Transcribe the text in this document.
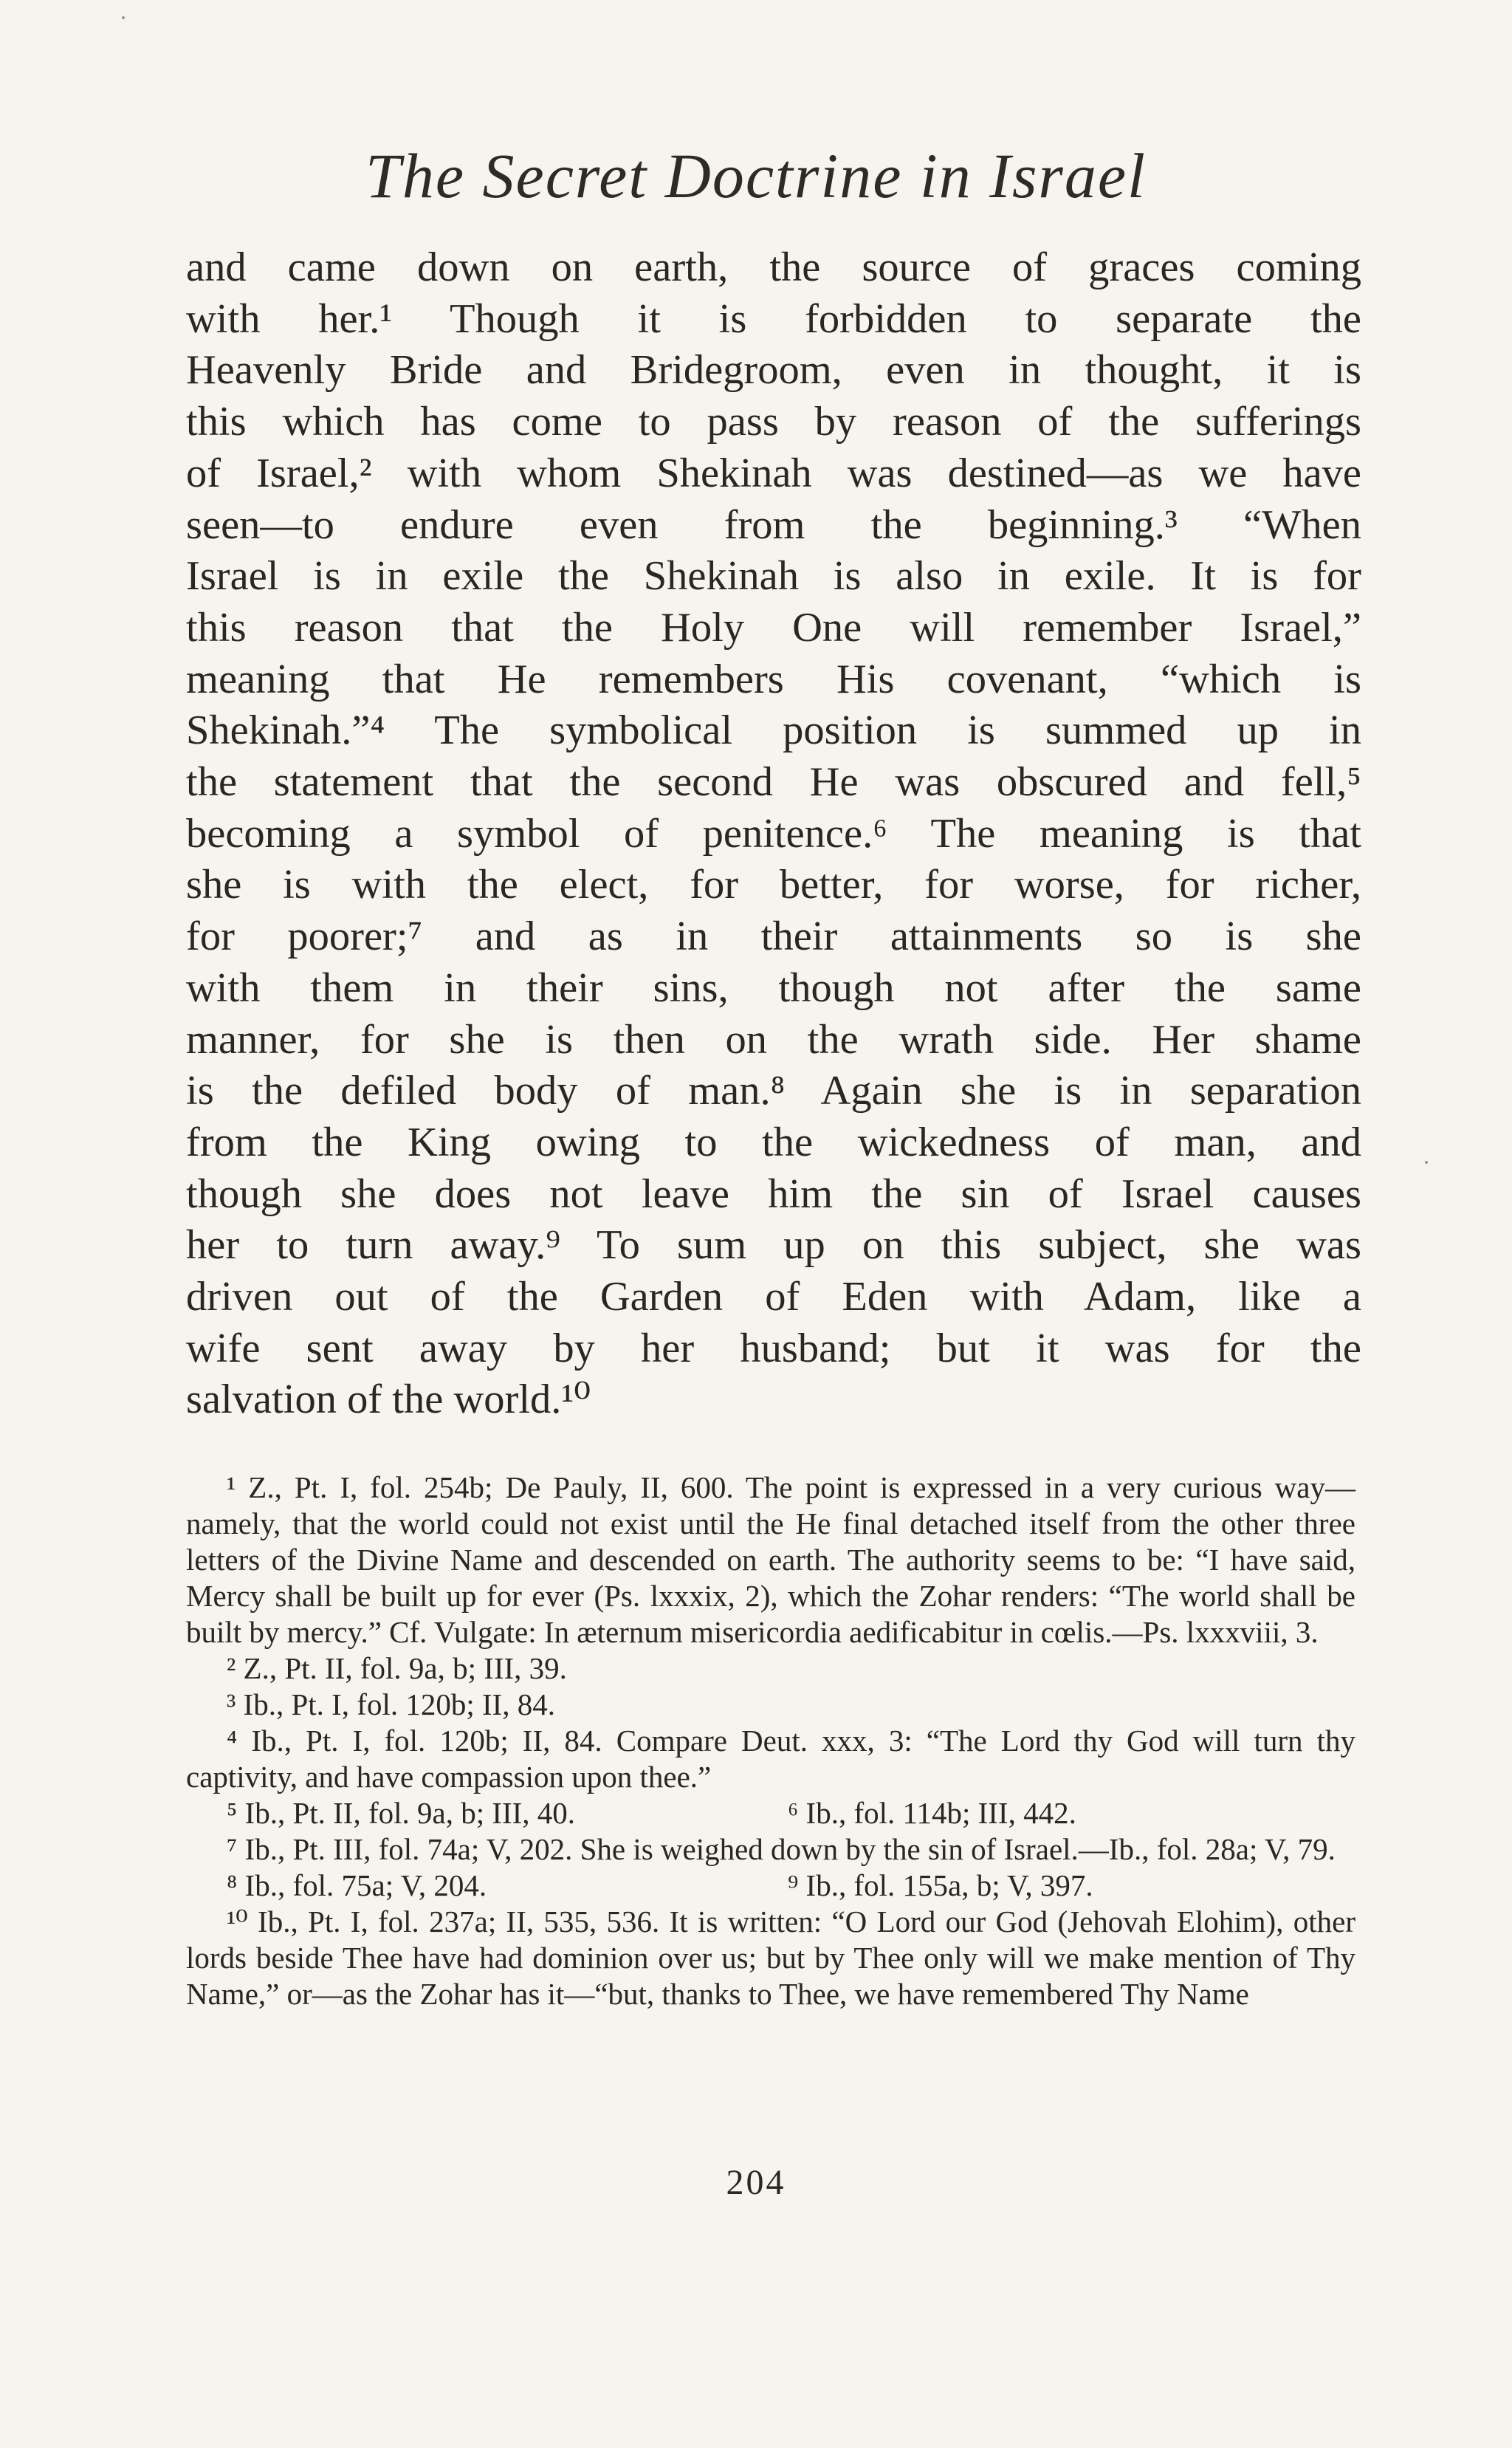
The Secret Doctrine in Israel
and came down on earth, the source of graces coming
with her.¹ Though it is forbidden to separate the
Heavenly Bride and Bridegroom, even in thought, it is
this which has come to pass by reason of the sufferings
of Israel,² with whom Shekinah was destined—as we have
seen—to endure even from the beginning.³ “When
Israel is in exile the Shekinah is also in exile. It is for
this reason that the Holy One will remember Israel,”
meaning that He remembers His covenant, “which is
Shekinah.”⁴ The symbolical position is summed up in
the statement that the second He was obscured and fell,⁵
becoming a symbol of penitence.⁶ The meaning is that
she is with the elect, for better, for worse, for richer,
for poorer;⁷ and as in their attainments so is she
with them in their sins, though not after the same
manner, for she is then on the wrath side. Her shame
is the defiled body of man.⁸ Again she is in separation
from the King owing to the wickedness of man, and
though she does not leave him the sin of Israel causes
her to turn away.⁹ To sum up on this subject, she was
driven out of the Garden of Eden with Adam, like a
wife sent away by her husband; but it was for the
salvation of the world.¹⁰

¹ Z., Pt. I, fol. 254b; De Pauly, II, 600. The point is expressed in a very curious way—namely, that the world could not exist until the He final detached itself from the other three letters of the Divine Name and descended on earth. The authority seems to be: “I have said, Mercy shall be built up for ever (Ps. lxxxix, 2), which the Zohar renders: “The world shall be built by mercy.” Cf. Vulgate: In æternum misericordia aedificabitur in cœlis.—Ps. lxxxviii, 3.

² Z., Pt. II, fol. 9a, b; III, 39.

³ Ib., Pt. I, fol. 120b; II, 84.

⁴ Ib., Pt. I, fol. 120b; II, 84. Compare Deut. xxx, 3: “The Lord thy God will turn thy captivity, and have compassion upon thee.”

⁵ Ib., Pt. II, fol. 9a, b; III, 40.	⁶ Ib., fol. 114b; III, 442.

⁷ Ib., Pt. III, fol. 74a; V, 202. She is weighed down by the sin of Israel.—Ib., fol. 28a; V, 79.

⁸ Ib., fol. 75a; V, 204.	⁹ Ib., fol. 155a, b; V, 397.

¹⁰ Ib., Pt. I, fol. 237a; II, 535, 536. It is written: “O Lord our God (Jehovah Elohim), other lords beside Thee have had dominion over us; but by Thee only will we make mention of Thy Name,” or—as the Zohar has it—“but, thanks to Thee, we have remembered Thy Name

204
